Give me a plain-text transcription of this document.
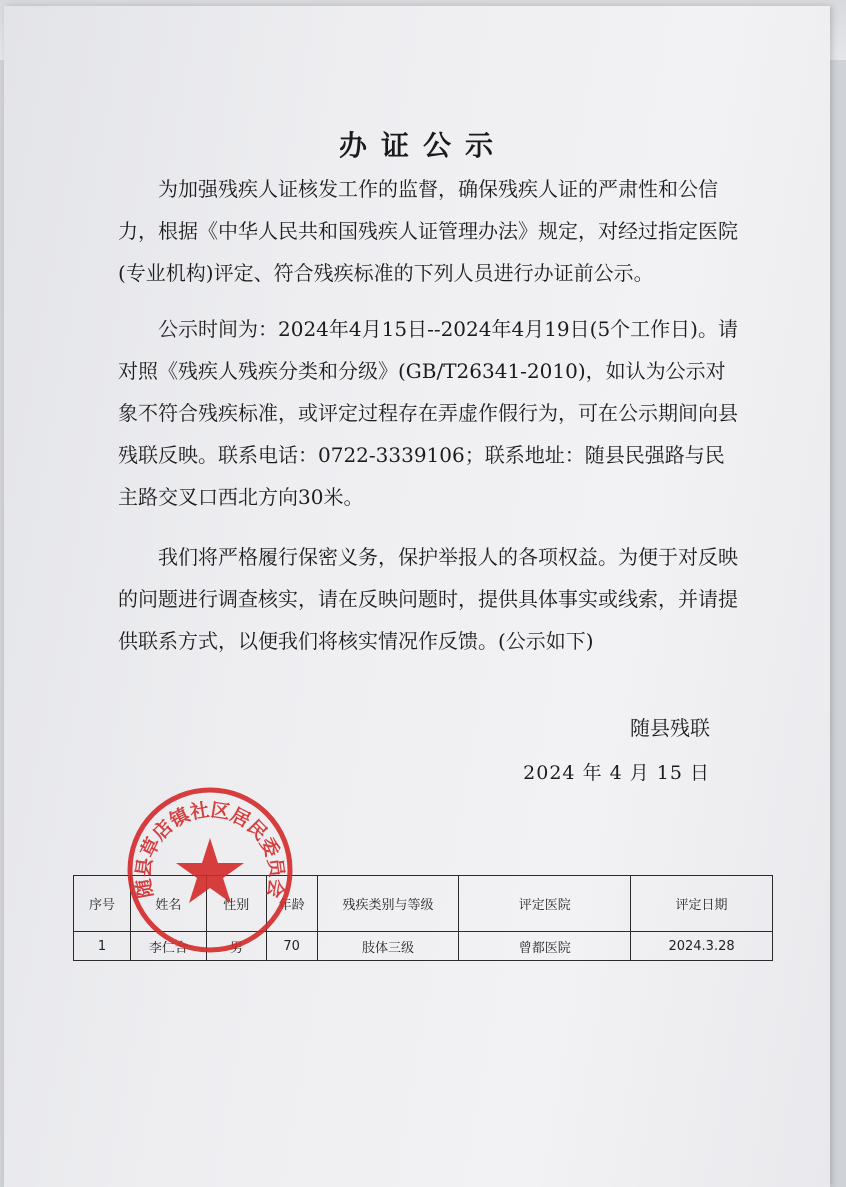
办证公示

为加强残疾人证核发工作的监督，确保残疾人证的严肃性和公信力，根据《中华人民共和国残疾人证管理办法》规定，对经过指定医院(专业机构)评定、符合残疾标准的下列人员进行办证前公示。

公示时间为：2024年4月15日--2024年4月19日(5个工作日)。请对照《残疾人残疾分类和分级》(GB/T26341-2010)，如认为公示对象不符合残疾标准，或评定过程存在弄虚作假行为，可在公示期间向县残联反映。联系电话：0722-3339106；联系地址：随县民强路与民主路交叉口西北方向30米。

我们将严格履行保密义务，保护举报人的各项权益。为便于对反映的问题进行调查核实，请在反映问题时，提供具体事实或线索，并请提供联系方式，以便我们将核实情况作反馈。(公示如下)

随县残联
2024 年 4 月 15 日
序号	姓名	性别	年龄	残疾类别与等级	评定医院	评定日期
1	李仁合	男	70	肢体三级	曾都医院	2024.3.28
随县草店镇社区居民委员会
